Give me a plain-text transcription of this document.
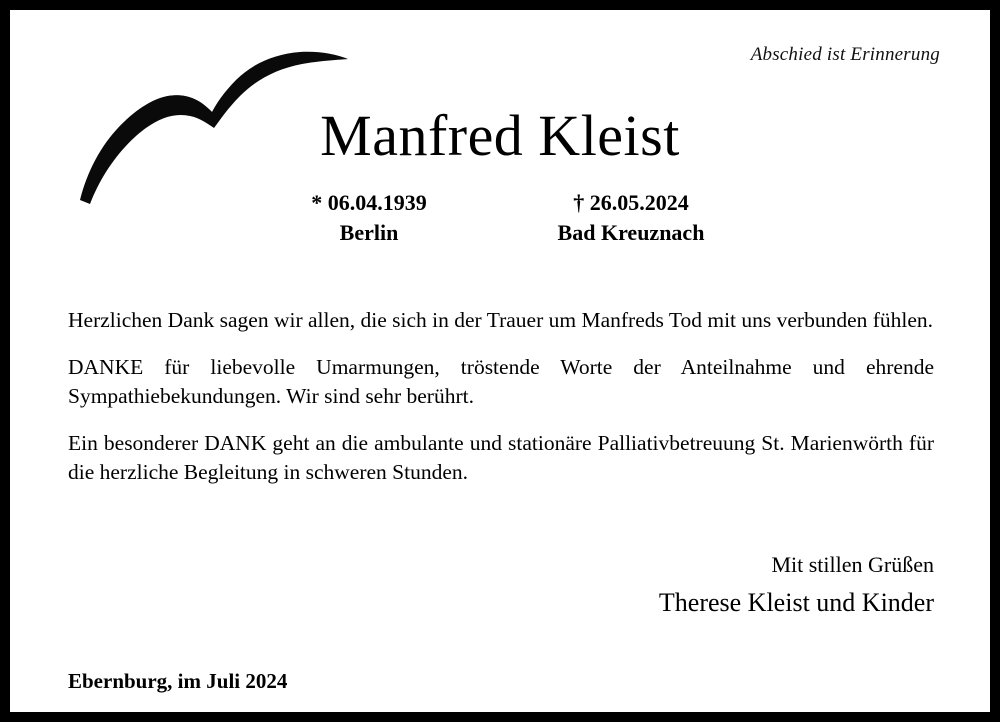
Abschied ist Erinnerung
Manfred Kleist
* 06.04.1939	† 26.05.2024
Berlin	Bad Kreuznach

Herzlichen Dank sagen wir allen, die sich in der Trauer um Manfreds Tod mit uns verbunden fühlen.

DANKE für liebevolle Umarmungen, tröstende Worte der Anteilnahme und ehrende Sympathiebekundungen. Wir sind sehr berührt.

Ein besonderer DANK geht an die ambulante und stationäre Palliativbetreuung St. Marienwörth für die herzliche Begleitung in schweren Stunden.

Mit stillen Grüßen
Therese Kleist und Kinder
Ebernburg, im Juli 2024
